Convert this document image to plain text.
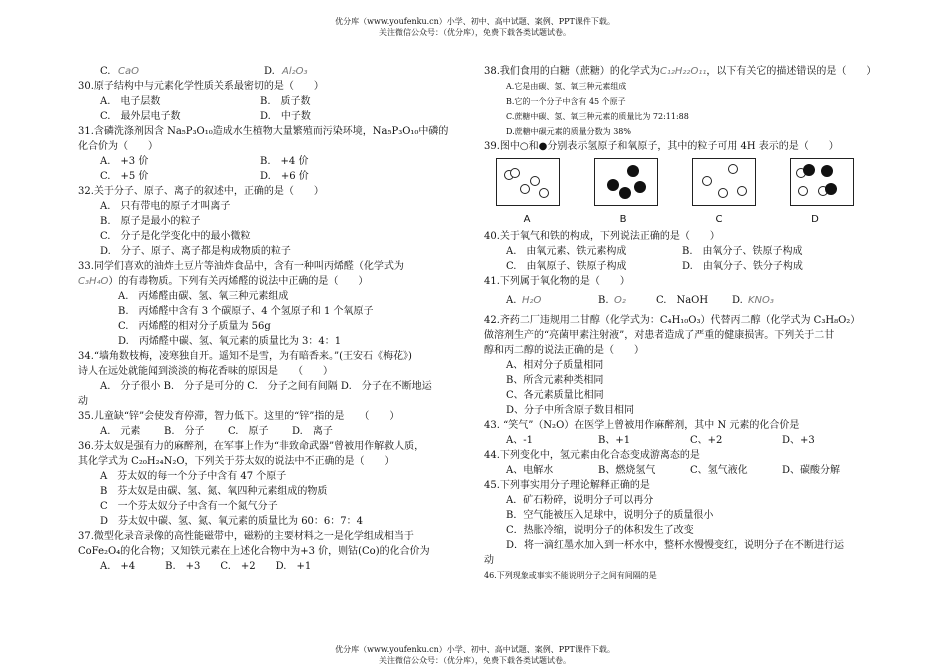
优分库（www.youfenku.cn）小学、初中、高中试题、案例、PPT课件下载。
关注微信公众号：（优分库），免费下载各类试题试卷。
C. CaO	D. Al₂O₃
30.原子结构中与元素化学性质关系最密切的是（　　）
A.　电子层数	B.　质子数
C.　最外层电子数	D.　中子数
31.含磷洗涤剂因含 Na₅P₃O₁₀造成水生植物大量繁殖而污染环境，Na₅P₃O₁₀中磷的
化合价为（　　）
A.　+3 价	B.　+4 价
C.　+5 价	D.　+6 价
32.关于分子、原子、离子的叙述中，正确的是（　　）
A.　只有带电的原子才叫离子
B.　原子是最小的粒子
C.　分子是化学变化中的最小微粒
D.　分子、原子、离子都是构成物质的粒子
33.同学们喜欢的油炸土豆片等油炸食品中，含有一种叫丙烯醛（化学式为
C₃H₄O）的有毒物质。下列有关丙烯醛的说法中正确的是（　　）
A.　丙烯醛由碳、氢、氧三种元素组成
B.　丙烯醛中含有 3 个碳原子、4 个氢原子和 1 个氧原子
C.　丙烯醛的相对分子质量为 56g
D.　丙烯醛中碳、氢、氧元素的质量比为 3：4：1
34.“墙角数枝梅，凌寒独自开。遥知不是雪，为有暗香来。”(王安石《梅花》)
诗人在远处就能闻到淡淡的梅花香味的原因是　　（　　）
A.　分子很小 B.　分子是可分的 C.　分子之间有间隔 D.　分子在不断地运
动
35.儿童缺“锌”会使发育停滞，智力低下。这里的“锌”指的是　　（　　）
A.　元素	B.　分子	C.　原子	D.　离子
36.芬太奴是强有力的麻醉剂，在军事上作为“非致命武器”曾被用作解救人质，
其化学式为 C₂₀H₂₄N₂O，下列关于芬太奴的说法中不正确的是（　　）
A　芬太奴的每一个分子中含有 47 个原子
B　芬太奴是由碳、氢、氮、氧四种元素组成的物质
C　一个芬太奴分子中含有一个氮气分子
D　芬太奴中碳、氢、氮、氧元素的质量比为 60：6：7：4
37.微型化录音录像的高性能磁带中，磁粉的主要材料之一是化学组成相当于
CoFe₂O₄的化合物；又知铁元素在上述化合物中为+3 价，则钴(Co)的化合价为
A.　+4　　　B.　+3　　C.　+2　　D.　+1
38.我们食用的白糖（蔗糖）的化学式为C₁₂H₂₂O₁₁，以下有关它的描述错误的是（　　）
A.它是由碳、氢、氧三种元素组成
B.它的一个分子中含有 45 个原子
C.蔗糖中碳、氢、氧三种元素的质量比为 72:11:88
D.蔗糖中碳元素的质量分数为 38%
39.图中○和●分别表示氢原子和氧原子，其中的粒子可用 4H 表示的是（　　）
A	B	C	D
40.关于氧气和铁的构成，下列说法正确的是（　　）
A.　由氧元素、铁元素构成	B.　由氧分子、铁原子构成
C.　由氧原子、铁原子构成	D.　由氧分子、铁分子构成
41.下列属于氧化物的是（　　）
A. H₂O	B. O₂	C.　NaOH	D. KNO₃
42.齐药二厂违规用二甘醇（化学式为：C₄H₁₀O₃）代替丙二醇（化学式为 C₃H₈O₂）
做溶剂生产的“亮菌甲素注射液”，对患者造成了严重的健康损害。下列关于二甘
醇和丙二醇的说法正确的是（　　）
A、相对分子质量相同
B、所含元素种类相同
C、各元素质量比相同
D、分子中所含原子数目相同
43. “笑气”（N₂O）在医学上曾被用作麻醉剂，其中 N 元素的化合价是
A、-1	B、+1	C、+2	D、+3
44.下列变化中，氢元素由化合态变成游离态的是
A、电解水	B、燃烧氢气	C、氢气液化	D、碳酸分解
45.下列事实用分子理论解释正确的是
A．矿石粉碎，说明分子可以再分
B．空气能被压入足球中，说明分子的质量很小
C．热胀冷缩，说明分子的体积发生了改变
D．将一滴红墨水加入到一杯水中，整杯水慢慢变红，说明分子在不断进行运
动
46.下列现象或事实不能说明分子之间有间隔的是
优分库（www.youfenku.cn）小学、初中、高中试题、案例、PPT课件下载。
关注微信公众号：（优分库），免费下载各类试题试卷。
